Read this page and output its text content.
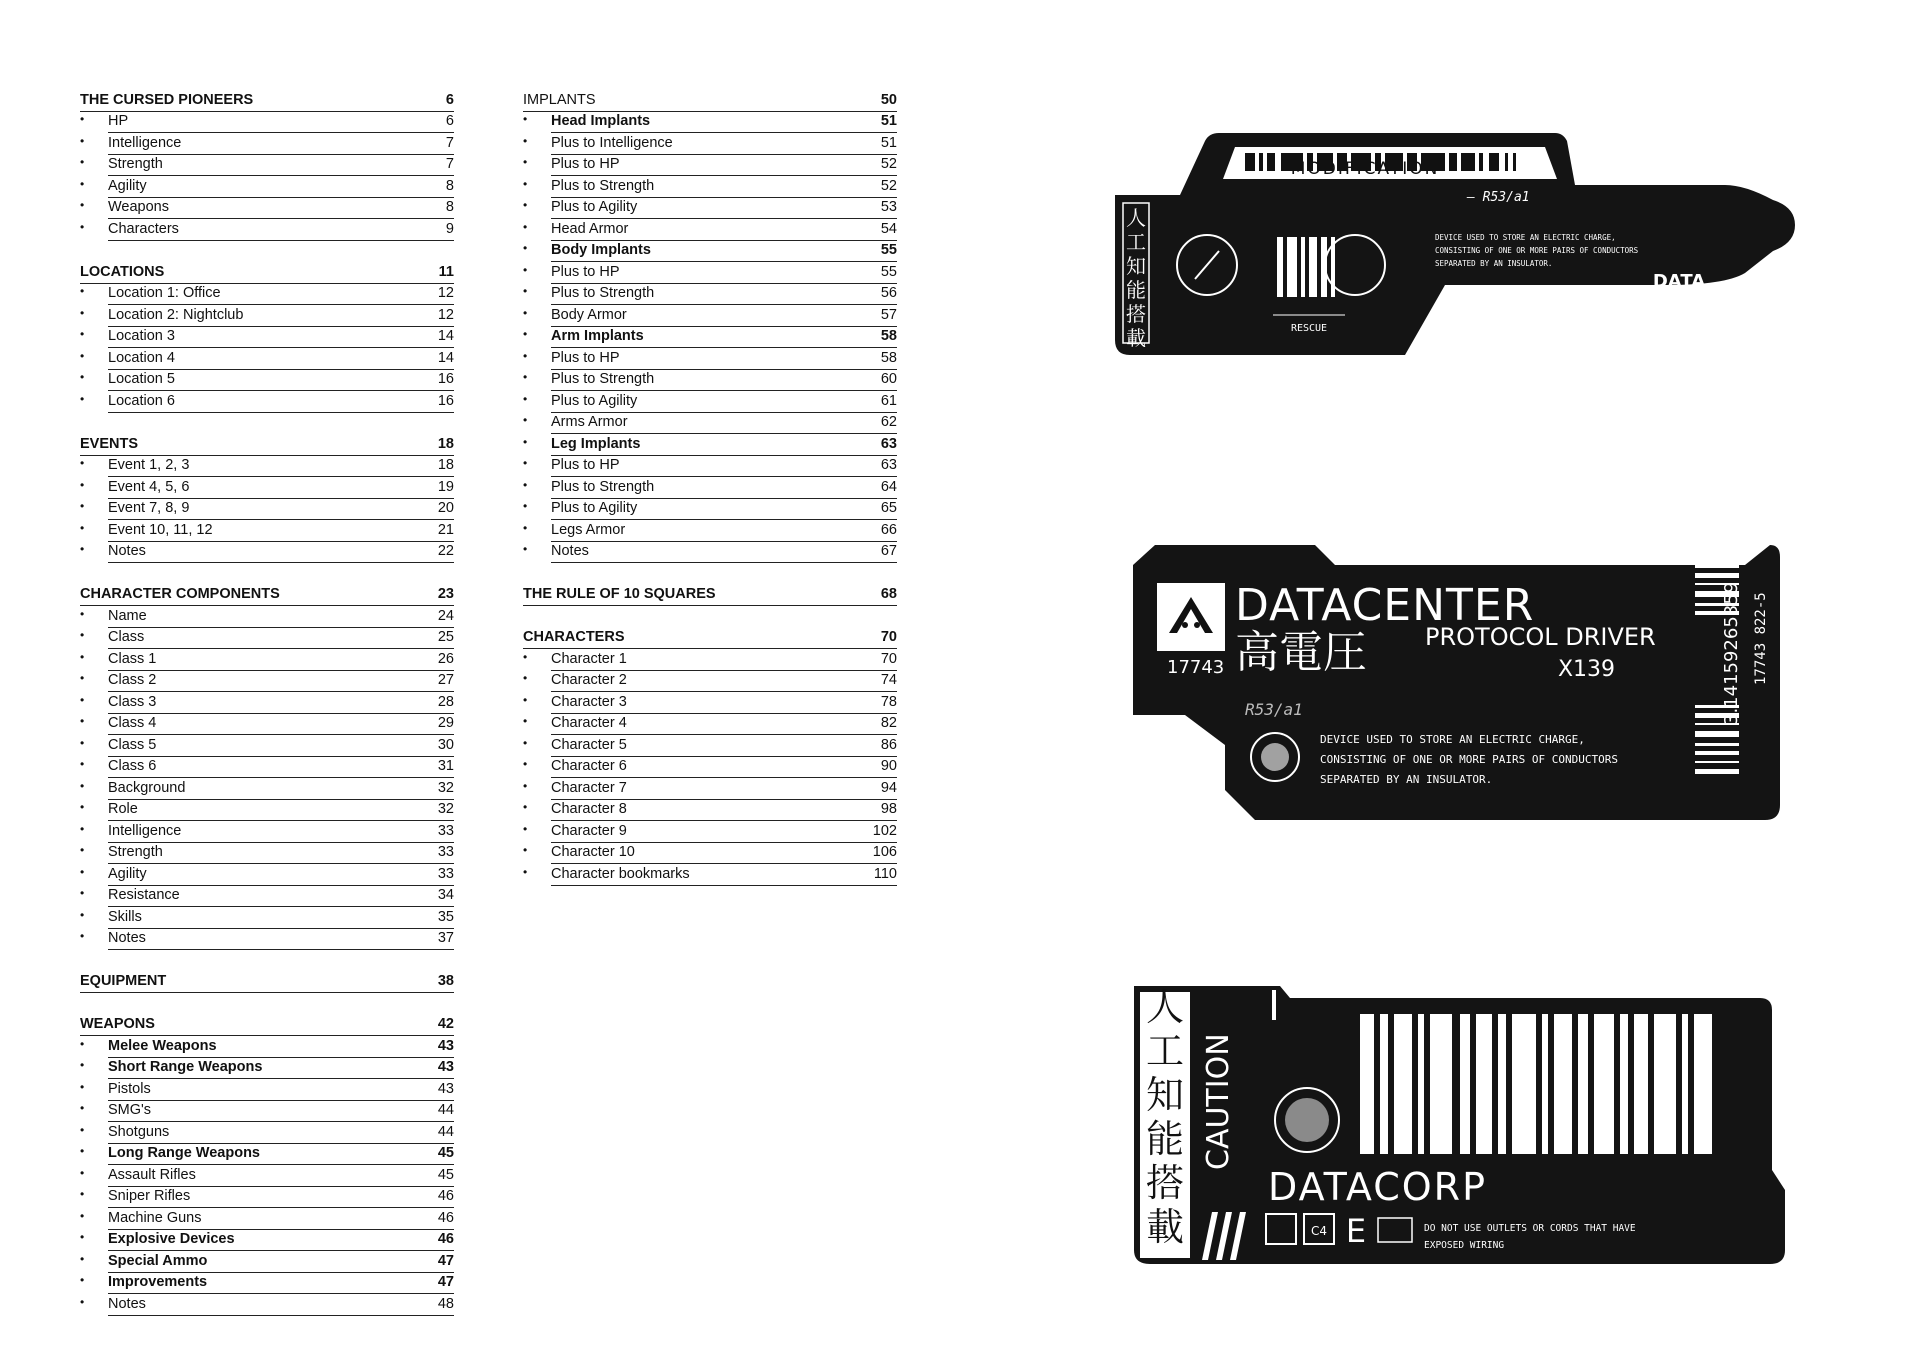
THE CURSED PIONEERS	6
• HP	6
• Intelligence	7
• Strength	7
• Agility	8
• Weapons	8
• Characters	9
LOCATIONS	11
• Location 1: Office	12
• Location 2: Nightclub	12
• Location 3	14
• Location 4	14
• Location 5	16
• Location 6	16
EVENTS	18
• Event 1, 2, 3	18
• Event 4, 5, 6	19
• Event 7, 8, 9	20
• Event 10, 11, 12	21
• Notes	22
CHARACTER COMPONENTS	23
• Name	24
• Class	25
• Class 1	26
• Class 2	27
• Class 3	28
• Class 4	29
• Class 5	30
• Class 6	31
• Background	32
• Role	32
• Intelligence	33
• Strength	33
• Agility	33
• Resistance	34
• Skills	35
• Notes	37
EQUIPMENT	38
WEAPONS	42
• Melee Weapons	43
• Short Range Weapons	43
• Pistols	43
• SMG's	44
• Shotguns	44
• Long Range Weapons	45
• Assault Rifles	45
• Sniper Rifles	46
• Machine Guns	46
• Explosive Devices	46
• Special Ammo	47
• Improvements	47
• Notes	48
IMPLANTS	50
• Head Implants	51
• Plus to Intelligence	51
• Plus to HP	52
• Plus to Strength	52
• Plus to Agility	53
• Head Armor	54
• Body Implants	55
• Plus to HP	55
• Plus to Strength	56
• Body Armor	57
• Arm Implants	58
• Plus to HP	58
• Plus to Strength	60
• Plus to Agility	61
• Arms Armor	62
• Leg Implants	63
• Plus to HP	63
• Plus to Strength	64
• Plus to Agility	65
• Legs Armor	66
• Notes	67
THE RULE OF 10 SQUARES	68
CHARACTERS	70
• Character 1	70
• Character 2	74
• Character 3	78
• Character 4	82
• Character 5	86
• Character 6	90
• Character 7	94
• Character 8	98
• Character 9	102
• Character 10	106
• Character bookmarks	110
– R53/a1
人工知能搭載	RESCUE
DEVICE USED TO STORE AN ELECTRIC CHARGE,
CONSISTING OF ONE OR MORE PAIRS OF CONDUCTORS
SEPARATED BY AN INSULATOR.
DATA
17743
DATACENTER
高電圧 PROTOCOL DRIVER
X139
R53/a1
DEVICE USED TO STORE AN ELECTRIC CHARGE,
CONSISTING OF ONE OR MORE PAIRS OF CONDUCTORS
SEPARATED BY AN INSULATOR.
3.14159265359 17743 822-5
人工知能搭載
CAUTION
DATACORP
C4 E	DO NOT USE OUTLETS OR CORDS THAT HAVE
EXPOSED WIRING
